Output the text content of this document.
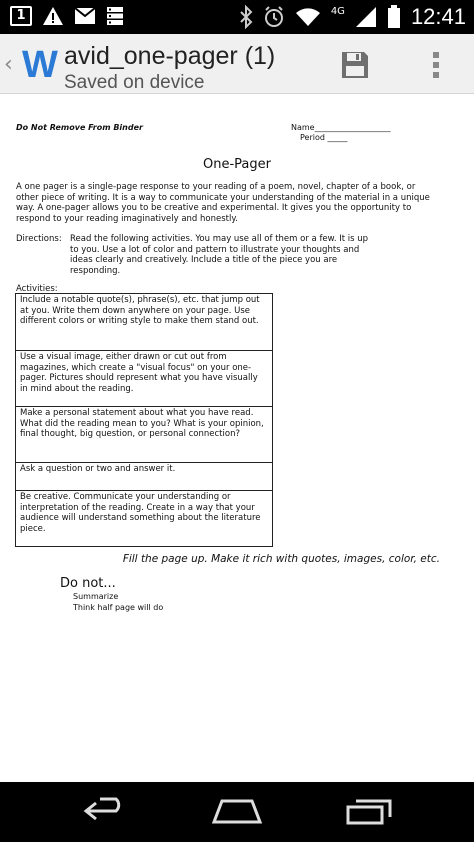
1	4G	12:41
‹ W avid_one-pager (1)
Saved on device
Do Not Remove From Binder	Name___________________
Period _____
One-Pager
A one pager is a single-page response to your reading of a poem, novel, chapter of a book, or other piece of writing. It is a way to communicate your understanding of the material in a unique way. A one-pager allows you to be creative and experimental. It gives you the opportunity to respond to your reading imaginatively and honestly.
Directions: Read the following activities. You may use all of them or a few. It is up to you. Use a lot of color and pattern to illustrate your thoughts and ideas clearly and creatively. Include a title of the piece you are responding.
Activities:
Include a notable quote(s), phrase(s), etc. that jump out at you. Write them down anywhere on your page. Use different colors or writing style to make them stand out.
Use a visual image, either drawn or cut out from magazines, which create a "visual focus" on your one-pager. Pictures should represent what you have visually in mind about the reading.
Make a personal statement about what you have read. What did the reading mean to you? What is your opinion, final thought, big question, or personal connection?
Ask a question or two and answer it.
Be creative. Communicate your understanding or interpretation of the reading. Create in a way that your audience will understand something about the literature piece.
Fill the page up. Make it rich with quotes, images, color, etc.
Do not...
Summarize
Think half page will do
